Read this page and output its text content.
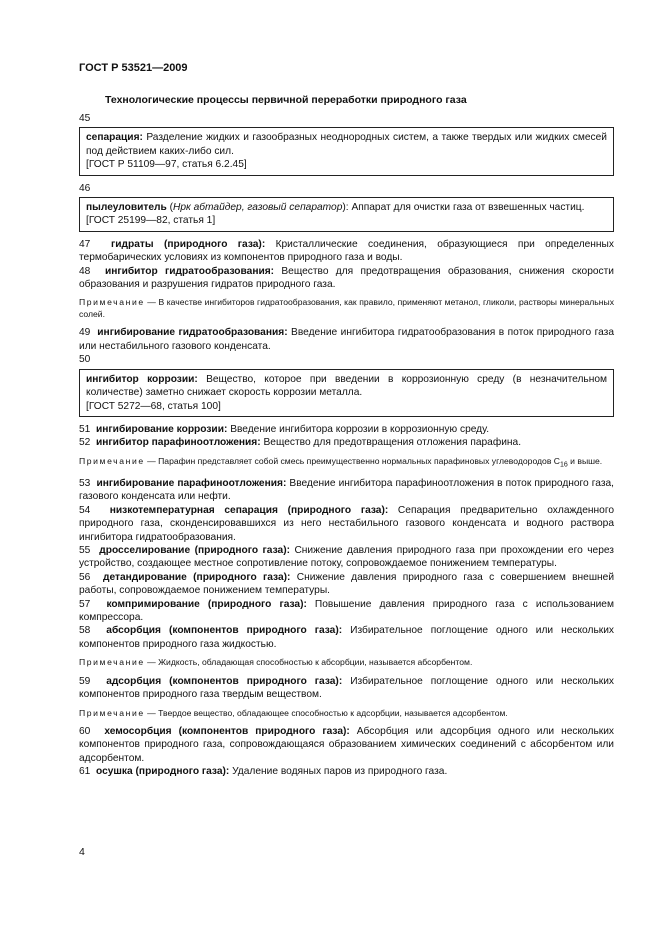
ГОСТ Р 53521—2009
Технологические процессы первичной переработки природного газа
45
сепарация: Разделение жидких и газообразных неоднородных систем, а также твердых или жидких смесей под действием каких-либо сил.
[ГОСТ Р 51109—97, статья 6.2.45]
46
пылеуловитель (Нрк абтайдер, газовый сепаратор): Аппарат для очистки газа от взвешенных частиц.
[ГОСТ 25199—82, статья 1]
47 гидраты (природного газа): Кристаллические соединения, образующиеся при определенных термобарических условиях из компонентов природного газа и воды.
48 ингибитор гидратообразования: Вещество для предотвращения образования, снижения скорости образования и разрушения гидратов природного газа.
Примечание — В качестве ингибиторов гидратообразования, как правило, применяют метанол, гликоли, растворы минеральных солей.
49 ингибирование гидратообразования: Введение ингибитора гидратообразования в поток природного газа или нестабильного газового конденсата.
50
ингибитор коррозии: Вещество, которое при введении в коррозионную среду (в незначительном количестве) заметно снижает скорость коррозии металла.
[ГОСТ 5272—68, статья 100]
51 ингибирование коррозии: Введение ингибитора коррозии в коррозионную среду.
52 ингибитор парафиноотложения: Вещество для предотвращения отложения парафина.
Примечание — Парафин представляет собой смесь преимущественно нормальных парафиновых углеводородов $С_{16}$ и выше.
53 ингибирование парафиноотложения: Введение ингибитора парафиноотложения в поток природного газа, газового конденсата или нефти.
54 низкотемпературная сепарация (природного газа): Сепарация предварительно охлажденного природного газа, сконденсировавшихся из него нестабильного газового конденсата и водного раствора ингибитора гидратообразования.
55 дросселирование (природного газа): Снижение давления природного газа при прохождении его через устройство, создающее местное сопротивление потоку, сопровождаемое понижением температуры.
56 детандирование (природного газа): Снижение давления природного газа с совершением внешней работы, сопровождаемое понижением температуры.
57 компримирование (природного газа): Повышение давления природного газа с использованием компрессора.
58 абсорбция (компонентов природного газа): Избирательное поглощение одного или нескольких компонентов природного газа жидкостью.
Примечание — Жидкость, обладающая способностью к абсорбции, называется абсорбентом.
59 адсорбция (компонентов природного газа): Избирательное поглощение одного или нескольких компонентов природного газа твердым веществом.
Примечание — Твердое вещество, обладающее способностью к адсорбции, называется адсорбентом.
60 хемосорбция (компонентов природного газа): Абсорбция или адсорбция одного или нескольких компонентов природного газа, сопровождающаяся образованием химических соединений с абсорбентом или адсорбентом.
61 осушка (природного газа): Удаление водяных паров из природного газа.
4
